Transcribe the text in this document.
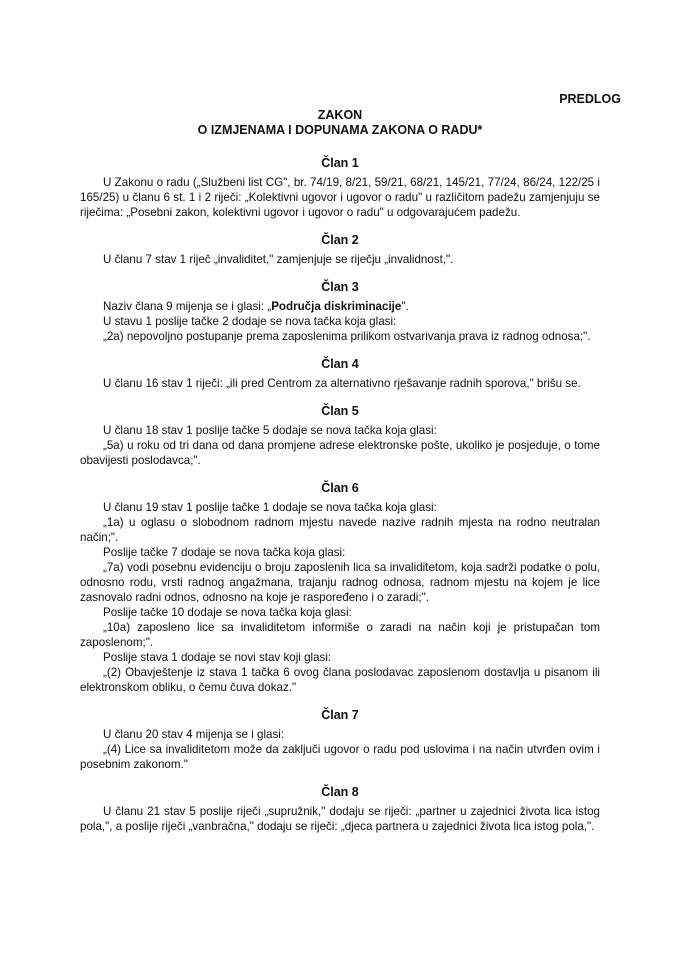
PREDLOG
ZAKON
O IZMJENAMA I DOPUNAMA ZAKONA O RADU*
Član 1

U Zakonu o radu („Službeni list CG", br. 74/19, 8/21, 59/21, 68/21, 145/21, 77/24, 86/24, 122/25 i 165/25) u članu 6 st. 1 i 2 riječi: „Kolektivni ugovor i ugovor o radu" u različitom padežu zamjenjuju se riječima: „Posebni zakon, kolektivni ugovor i ugovor o radu" u odgovarajućem padežu.

Član 2

U članu 7 stav 1 riječ „invaliditet," zamjenjuje se riječju „invalidnost,".

Član 3

Naziv člana 9 mijenja se i glasi: „Područja diskriminacije".

U stavu 1 poslije tačke 2 dodaje se nova tačka koja glasi:

„2a) nepovoljno postupanje prema zaposlenima prilikom ostvarivanja prava iz radnog odnosa;".

Član 4

U članu 16 stav 1 riječi: „ili pred Centrom za alternativno rješavanje radnih sporova," brišu se.

Član 5

U članu 18 stav 1 poslije tačke 5 dodaje se nova tačka koja glasi:

„5a) u roku od tri dana od dana promjene adrese elektronske pošte, ukoliko je posjeduje, o tome obavijesti poslodavca;".

Član 6

U članu 19 stav 1 poslije tačke 1 dodaje se nova tačka koja glasi:

„1a) u oglasu o slobodnom radnom mjestu navede nazive radnih mjesta na rodno neutralan način;".

Poslije tačke 7 dodaje se nova tačka koja glasi:

„7a) vodi posebnu evidenciju o broju zaposlenih lica sa invaliditetom, koja sadrži podatke o polu, odnosno rodu, vrsti radnog angažmana, trajanju radnog odnosa, radnom mjestu na kojem je lice zasnovalo radni odnos, odnosno na koje je raspoređeno i o zaradi;".

Poslije tačke 10 dodaje se nova tačka koja glasi:

„10a) zaposleno lice sa invaliditetom informiše o zaradi na način koji je pristupačan tom zaposlenom;".

Poslije stava 1 dodaje se novi stav koji glasi:

„(2) Obavještenje iz stava 1 tačka 6 ovog člana poslodavac zaposlenom dostavlja u pisanom ili elektronskom obliku, o čemu čuva dokaz."

Član 7

U članu 20 stav 4 mijenja se i glasi:

„(4) Lice sa invaliditetom može da zaključi ugovor o radu pod uslovima i na način utvrđen ovim i posebnim zakonom."

Član 8

U članu 21 stav 5 poslije riječi „supružnik," dodaju se riječi: „partner u zajednici života lica istog pola,", a poslije riječi „vanbračna," dodaju se riječi: „djeca partnera u zajednici života lica istog pola,".
